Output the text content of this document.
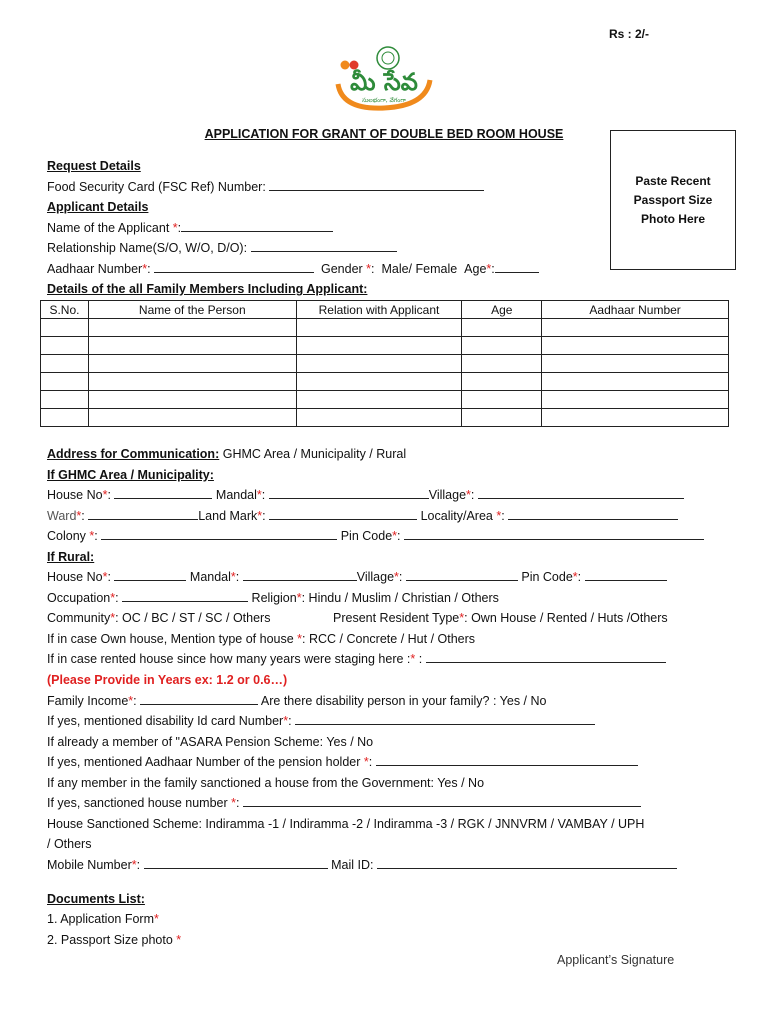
Rs : 2/-
మీ సేవ
సులభంగా, వేగంగా
APPLICATION FOR GRANT OF DOUBLE BED ROOM HOUSE
Paste Recent
Passport Size
Photo Here
Request Details
Food Security Card (FSC Ref) Number:
Applicant Details
Name of the Applicant *:
Relationship Name(S/O, W/O, D/O):
Aadhaar Number*:	Gender *:  Male/ Female Age*:
Details of the all Family Members Including Applicant:
S.No.	Name of the Person	Relation with Applicant	Age	Aadhaar Number

Address for Communication: GHMC Area / Municipality / Rural
If GHMC Area / Municipality:
House No*:	Mandal*:	Village*:
Ward*:	Land Mark*:	Locality/Area *:
Colony *:	Pin Code*:
If Rural:
House No*:	Mandal*:	Village*:	Pin Code*:
Occupation*:	Religion*: Hindu / Muslim / Christian / Others
Community*: OC / BC / ST / SC / Others	Present Resident Type*: Own House / Rented / Huts /Others
If in case Own house, Mention type of house *: RCC / Concrete / Hut / Others
If in case rented house since how many years were staging here :* :
(Please Provide in Years ex: 1.2 or 0.6…)
Family Income*:	Are there disability person in your family? : Yes / No
If yes, mentioned disability Id card Number*:
If already a member of "ASARA Pension Scheme: Yes / No
If yes, mentioned Aadhaar Number of the pension holder *:
If any member in the family sanctioned a house from the Government: Yes / No
If yes, sanctioned house number *:
House Sanctioned Scheme: Indiramma -1 / Indiramma -2 / Indiramma -3 / RGK / JNNVRM / VAMBAY / UPH
/ Others
Mobile Number*:	Mail ID:
Documents List:
1. Application Form*
2. Passport Size photo *
Applicant’s Signature
